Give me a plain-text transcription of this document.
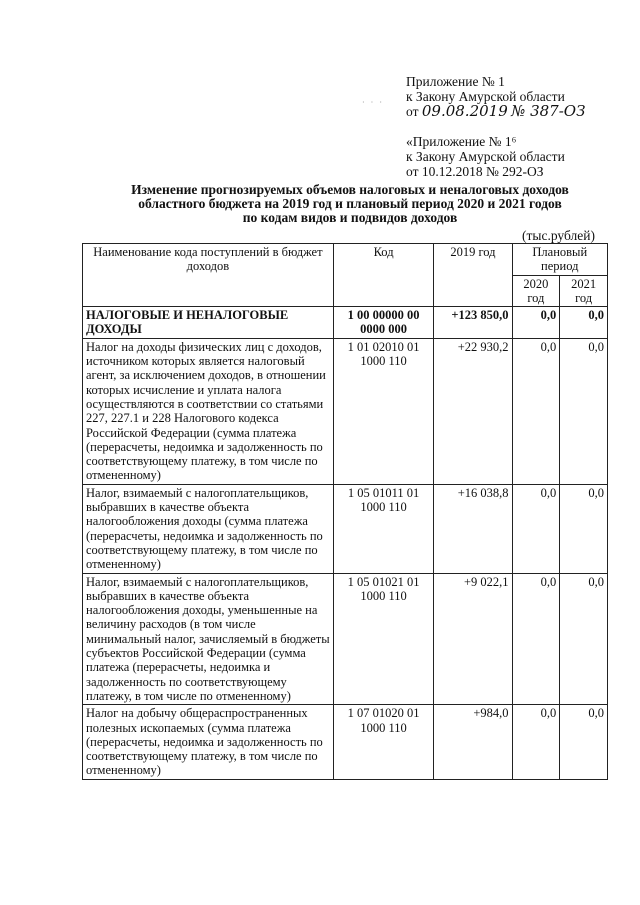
· · ·
Приложение № 1
к Закону Амурской области
от 09.08.2019 № 387-ОЗ
«Приложение № 1⁶
к Закону Амурской области
от 10.12.2018 № 292-ОЗ
Изменение прогнозируемых объемов налоговых и неналоговых доходов
областного бюджета на 2019 год и плановый период 2020 и 2021 годов
по кодам видов и подвидов доходов
(тыс.рублей)
Наименование кода поступлений в бюджет доходов	Код	2019 год	Плановый период	
			2020 год	2021 год
НАЛОГОВЫЕ И НЕНАЛОГОВЫЕ ДОХОДЫ	1 00 00000 00 0000 000	+123 850,0	0,0	0,0
Налог на доходы физических лиц с доходов, источником которых является налоговый агент, за исключением доходов, в отношении которых исчисление и уплата налога осуществляются в соответствии со статьями 227, 227.1 и 228 Налогового кодекса Российской Федерации (сумма платежа (перерасчеты, недоимка и задолженность по соответствующему платежу, в том числе по отмененному)	1 01 02010 01 1000 110	+22 930,2	0,0	0,0
Налог, взимаемый с налогоплательщиков, выбравших в качестве объекта налогообложения доходы (сумма платежа (перерасчеты, недоимка и задолженность по соответствующему платежу, в том числе по отмененному)	1 05 01011 01 1000 110	+16 038,8	0,0	0,0
Налог, взимаемый с налогоплательщиков, выбравших в качестве объекта налогообложения доходы, уменьшенные на величину расходов (в том числе минимальный налог, зачисляемый в бюджеты субъектов Российской Федерации (сумма платежа (перерасчеты, недоимка и задолженность по соответствующему платежу, в том числе по отмененному)	1 05 01021 01 1000 110	+9 022,1	0,0	0,0
Налог на добычу общераспространенных полезных ископаемых (сумма платежа (перерасчеты, недоимка и задолженность по соответствующему платежу, в том числе по отмененному)	1 07 01020 01 1000 110	+984,0	0,0	0,0
